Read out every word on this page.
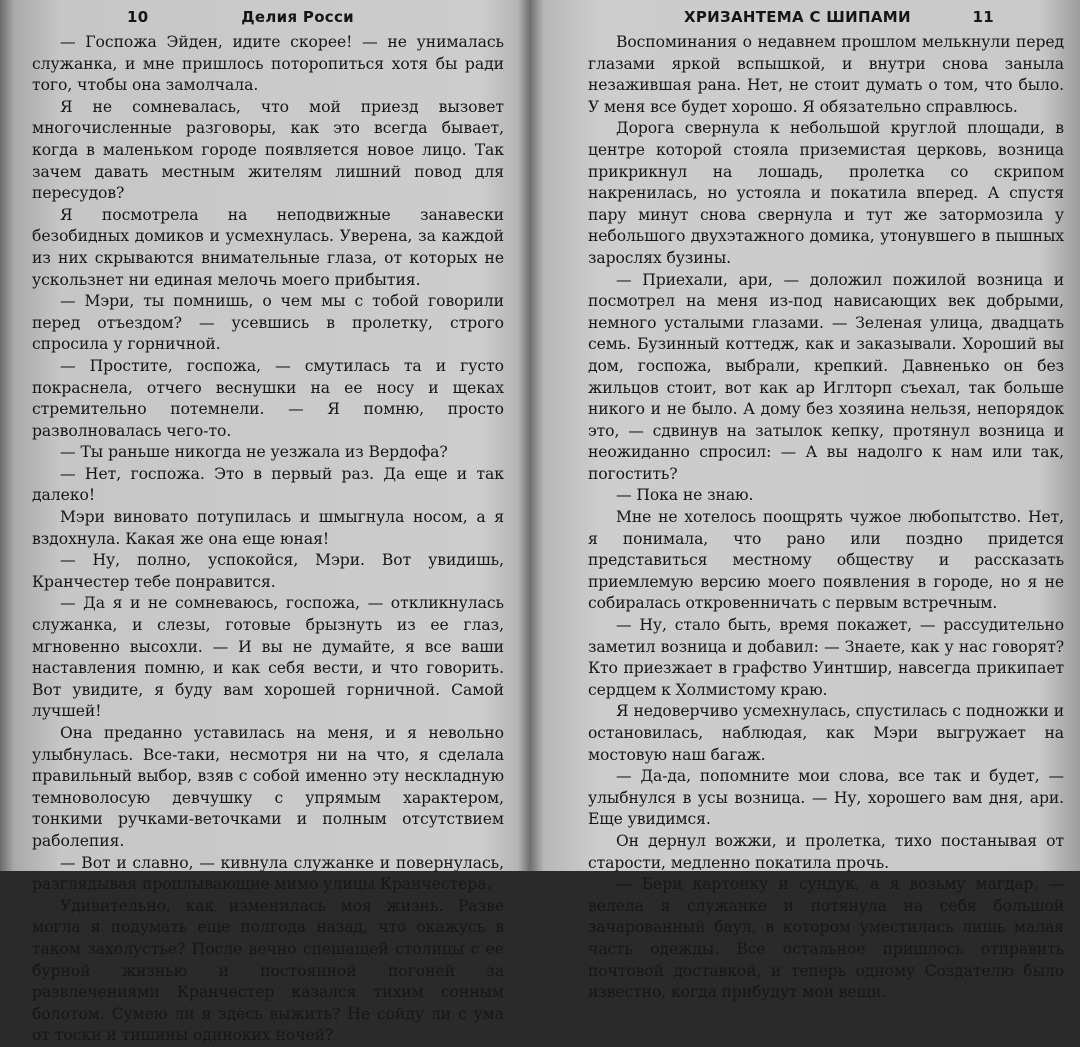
10	Делия Росси

— Госпожа Эйден, идите скорее! — не унималась служанка, и мне пришлось поторопиться хотя бы ради того, чтобы она замолчала.

Я не сомневалась, что мой приезд вызовет многочисленные разговоры, как это всегда бывает, когда в маленьком городе появляется новое лицо. Так зачем давать местным жителям лишний повод для пересудов?

Я посмотрела на неподвижные занавески безобидных домиков и усмехнулась. Уверена, за каждой из них скрываются внимательные глаза, от которых не ускользнет ни единая мелочь моего прибытия.

— Мэри, ты помнишь, о чем мы с тобой говорили перед отъездом? — усевшись в пролетку, строго спросила у горничной.

— Простите, госпожа, — смутилась та и густо покраснела, отчего веснушки на ее носу и щеках стремительно потемнели. — Я помню, просто разволновалась чего-то.

— Ты раньше никогда не уезжала из Вердофа?

— Нет, госпожа. Это в первый раз. Да еще и так далеко!

Мэри виновато потупилась и шмыгнула носом, а я вздохнула. Какая же она еще юная!

— Ну, полно, успокойся, Мэри. Вот увидишь, Кранчестер тебе понравится.

— Да я и не сомневаюсь, госпожа, — откликнулась служанка, и слезы, готовые брызнуть из ее глаз, мгновенно высохли. — И вы не думайте, я все ваши наставления помню, и как себя вести, и что говорить. Вот увидите, я буду вам хорошей горничной. Самой лучшей!

Она преданно уставилась на меня, и я невольно улыбнулась. Все-таки, несмотря ни на что, я сделала правильный выбор, взяв с собой именно эту нескладную темноволосую девчушку с упрямым характером, тонкими ручками-веточками и полным отсутствием раболепия.

— Вот и славно, — кивнула служанке и повернулась, разглядывая проплывающие мимо улицы Кранчестера.

Удивительно, как изменилась моя жизнь. Разве могла я подумать еще полгода назад, что окажусь в таком захолустье? После вечно спешащей столицы с ее бурной жизнью и постоянной погоней за развлечениями Кранчестер казался тихим сонным болотом. Сумею ли я здесь выжить? Не сойду ли с ума от тоски и тишины одиноких ночей?

ХРИЗАНТЕМА С ШИПАМИ	11

Воспоминания о недавнем прошлом мелькнули перед глазами яркой вспышкой, и внутри снова заныла незажившая рана. Нет, не стоит думать о том, что было. У меня все будет хорошо. Я обязательно справлюсь.

Дорога свернула к небольшой круглой площади, в центре которой стояла приземистая церковь, возница прикрикнул на лошадь, пролетка со скрипом накренилась, но устояла и покатила вперед. А спустя пару минут снова свернула и тут же затормозила у небольшого двухэтажного домика, утонувшего в пышных зарослях бузины.

— Приехали, ари, — доложил пожилой возница и посмотрел на меня из-под нависающих век добрыми, немного усталыми глазами. — Зеленая улица, двадцать семь. Бузинный коттедж, как и заказывали. Хороший вы дом, госпожа, выбрали, крепкий. Давненько он без жильцов стоит, вот как ар Иглторп съехал, так больше никого и не было. А дому без хозяина нельзя, непорядок это, — сдвинув на затылок кепку, протянул возница и неожиданно спросил: — А вы надолго к нам или так, погостить?

— Пока не знаю.

Мне не хотелось поощрять чужое любопытство. Нет, я понимала, что рано или поздно придется представиться местному обществу и рассказать приемлемую версию моего появления в городе, но я не собиралась откровенничать с первым встречным.

— Ну, стало быть, время покажет, — рассудительно заметил возница и добавил: — Знаете, как у нас говорят? Кто приезжает в графство Уинтшир, навсегда прикипает сердцем к Холмистому краю.

Я недоверчиво усмехнулась, спустилась с подножки и остановилась, наблюдая, как Мэри выгружает на мостовую наш багаж.

— Да-да, попомните мои слова, все так и будет, — улыбнулся в усы возница. — Ну, хорошего вам дня, ари. Еще увидимся.

Он дернул вожжи, и пролетка, тихо постанывая от старости, медленно покатила прочь.

— Бери картонку и сундук, а я возьму магдар, — велела я служанке и потянула на себя большой зачарованный баул, в котором уместилась лишь малая часть одежды. Все остальное пришлось отправить почтовой доставкой, и теперь одному Создателю было известно, когда прибудут мои вещи.
